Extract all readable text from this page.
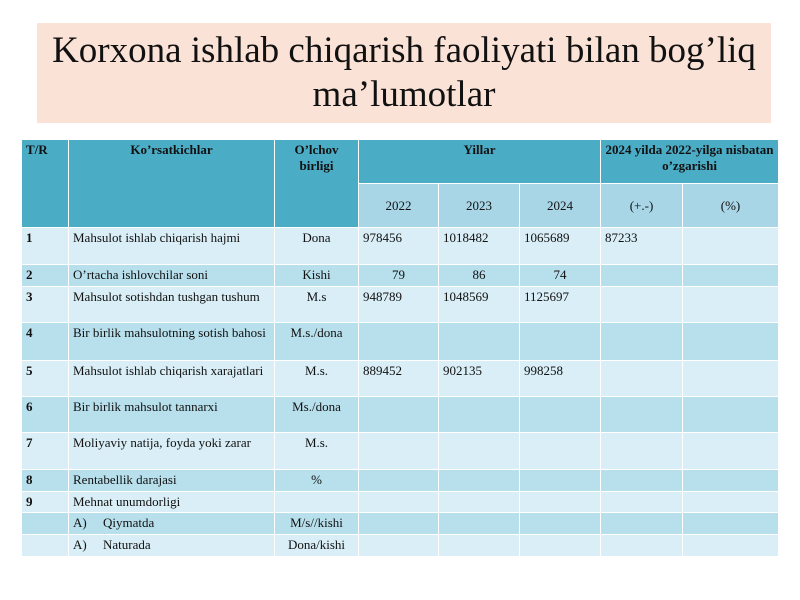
Korxona ishlab chiqarish faoliyati bilan bog’liq ma’lumotlar
T/R	Ko’rsatkichlar	O’lchov birligi	Yillar			2024 yilda 2022-yilga nisbatan o’zgarishi	
			2022	2023	2024	(+.-)	(%)
1	Mahsulot ishlab chiqarish hajmi	Dona	978456	1018482	1065689	87233	
2	O’rtacha ishlovchilar soni	Kishi	79	86	74		
3	Mahsulot sotishdan tushgan tushum	M.s	948789	1048569	1125697		
4	Bir birlik mahsulotning sotish bahosi	M.s./dona					
5	Mahsulot ishlab chiqarish xarajatlari	M.s.	889452	902135	998258		
6	Bir birlik mahsulot tannarxi	Ms./dona					
7	Moliyaviy natija, foyda yoki zarar	M.s.					
8	Rentabellik darajasi	%					
9	Mehnat unumdorligi						
	A) Qiymatda	M/s//kishi					
	A) Naturada	Dona/kishi					
